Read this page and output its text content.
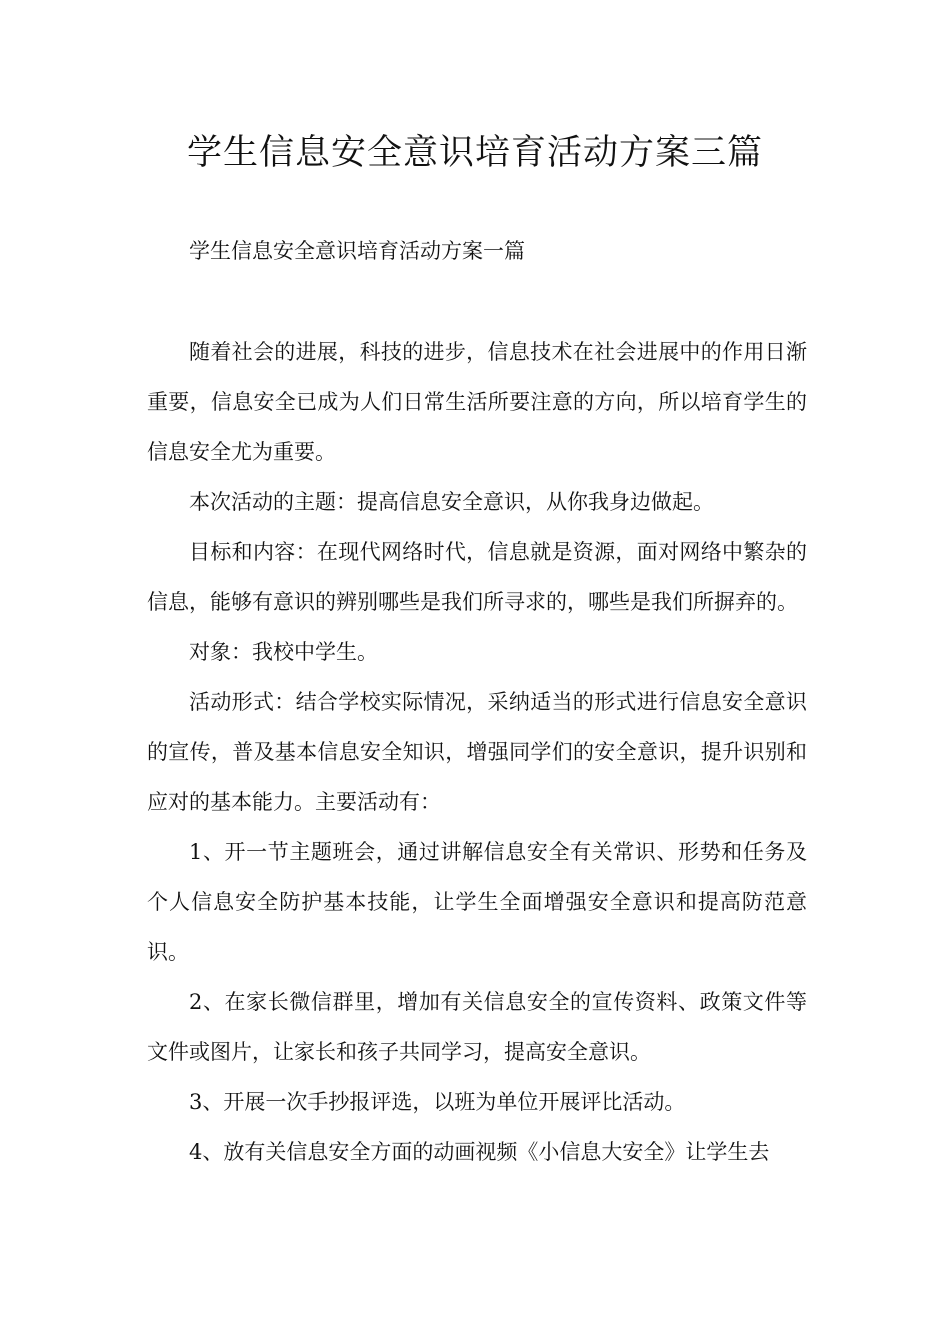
学生信息安全意识培育活动方案三篇

学生信息安全意识培育活动方案一篇

随着社会的进展，科技的进步，信息技术在社会进展中的作用日渐重要，信息安全已成为人们日常生活所要注意的方向，所以培育学生的信息安全尤为重要。

本次活动的主题：提高信息安全意识，从你我身边做起。

目标和内容：在现代网络时代，信息就是资源，面对网络中繁杂的信息，能够有意识的辨别哪些是我们所寻求的，哪些是我们所摒弃的。

对象：我校中学生。

活动形式：结合学校实际情况，采纳适当的形式进行信息安全意识的宣传，普及基本信息安全知识，增强同学们的安全意识，提升识别和应对的基本能力。主要活动有：

1、开一节主题班会，通过讲解信息安全有关常识、形势和任务及个人信息安全防护基本技能，让学生全面增强安全意识和提高防范意识。

2、在家长微信群里，增加有关信息安全的宣传资料、政策文件等文件或图片，让家长和孩子共同学习，提高安全意识。

3、开展一次手抄报评选，以班为单位开展评比活动。

4、放有关信息安全方面的动画视频《小信息大安全》让学生去
